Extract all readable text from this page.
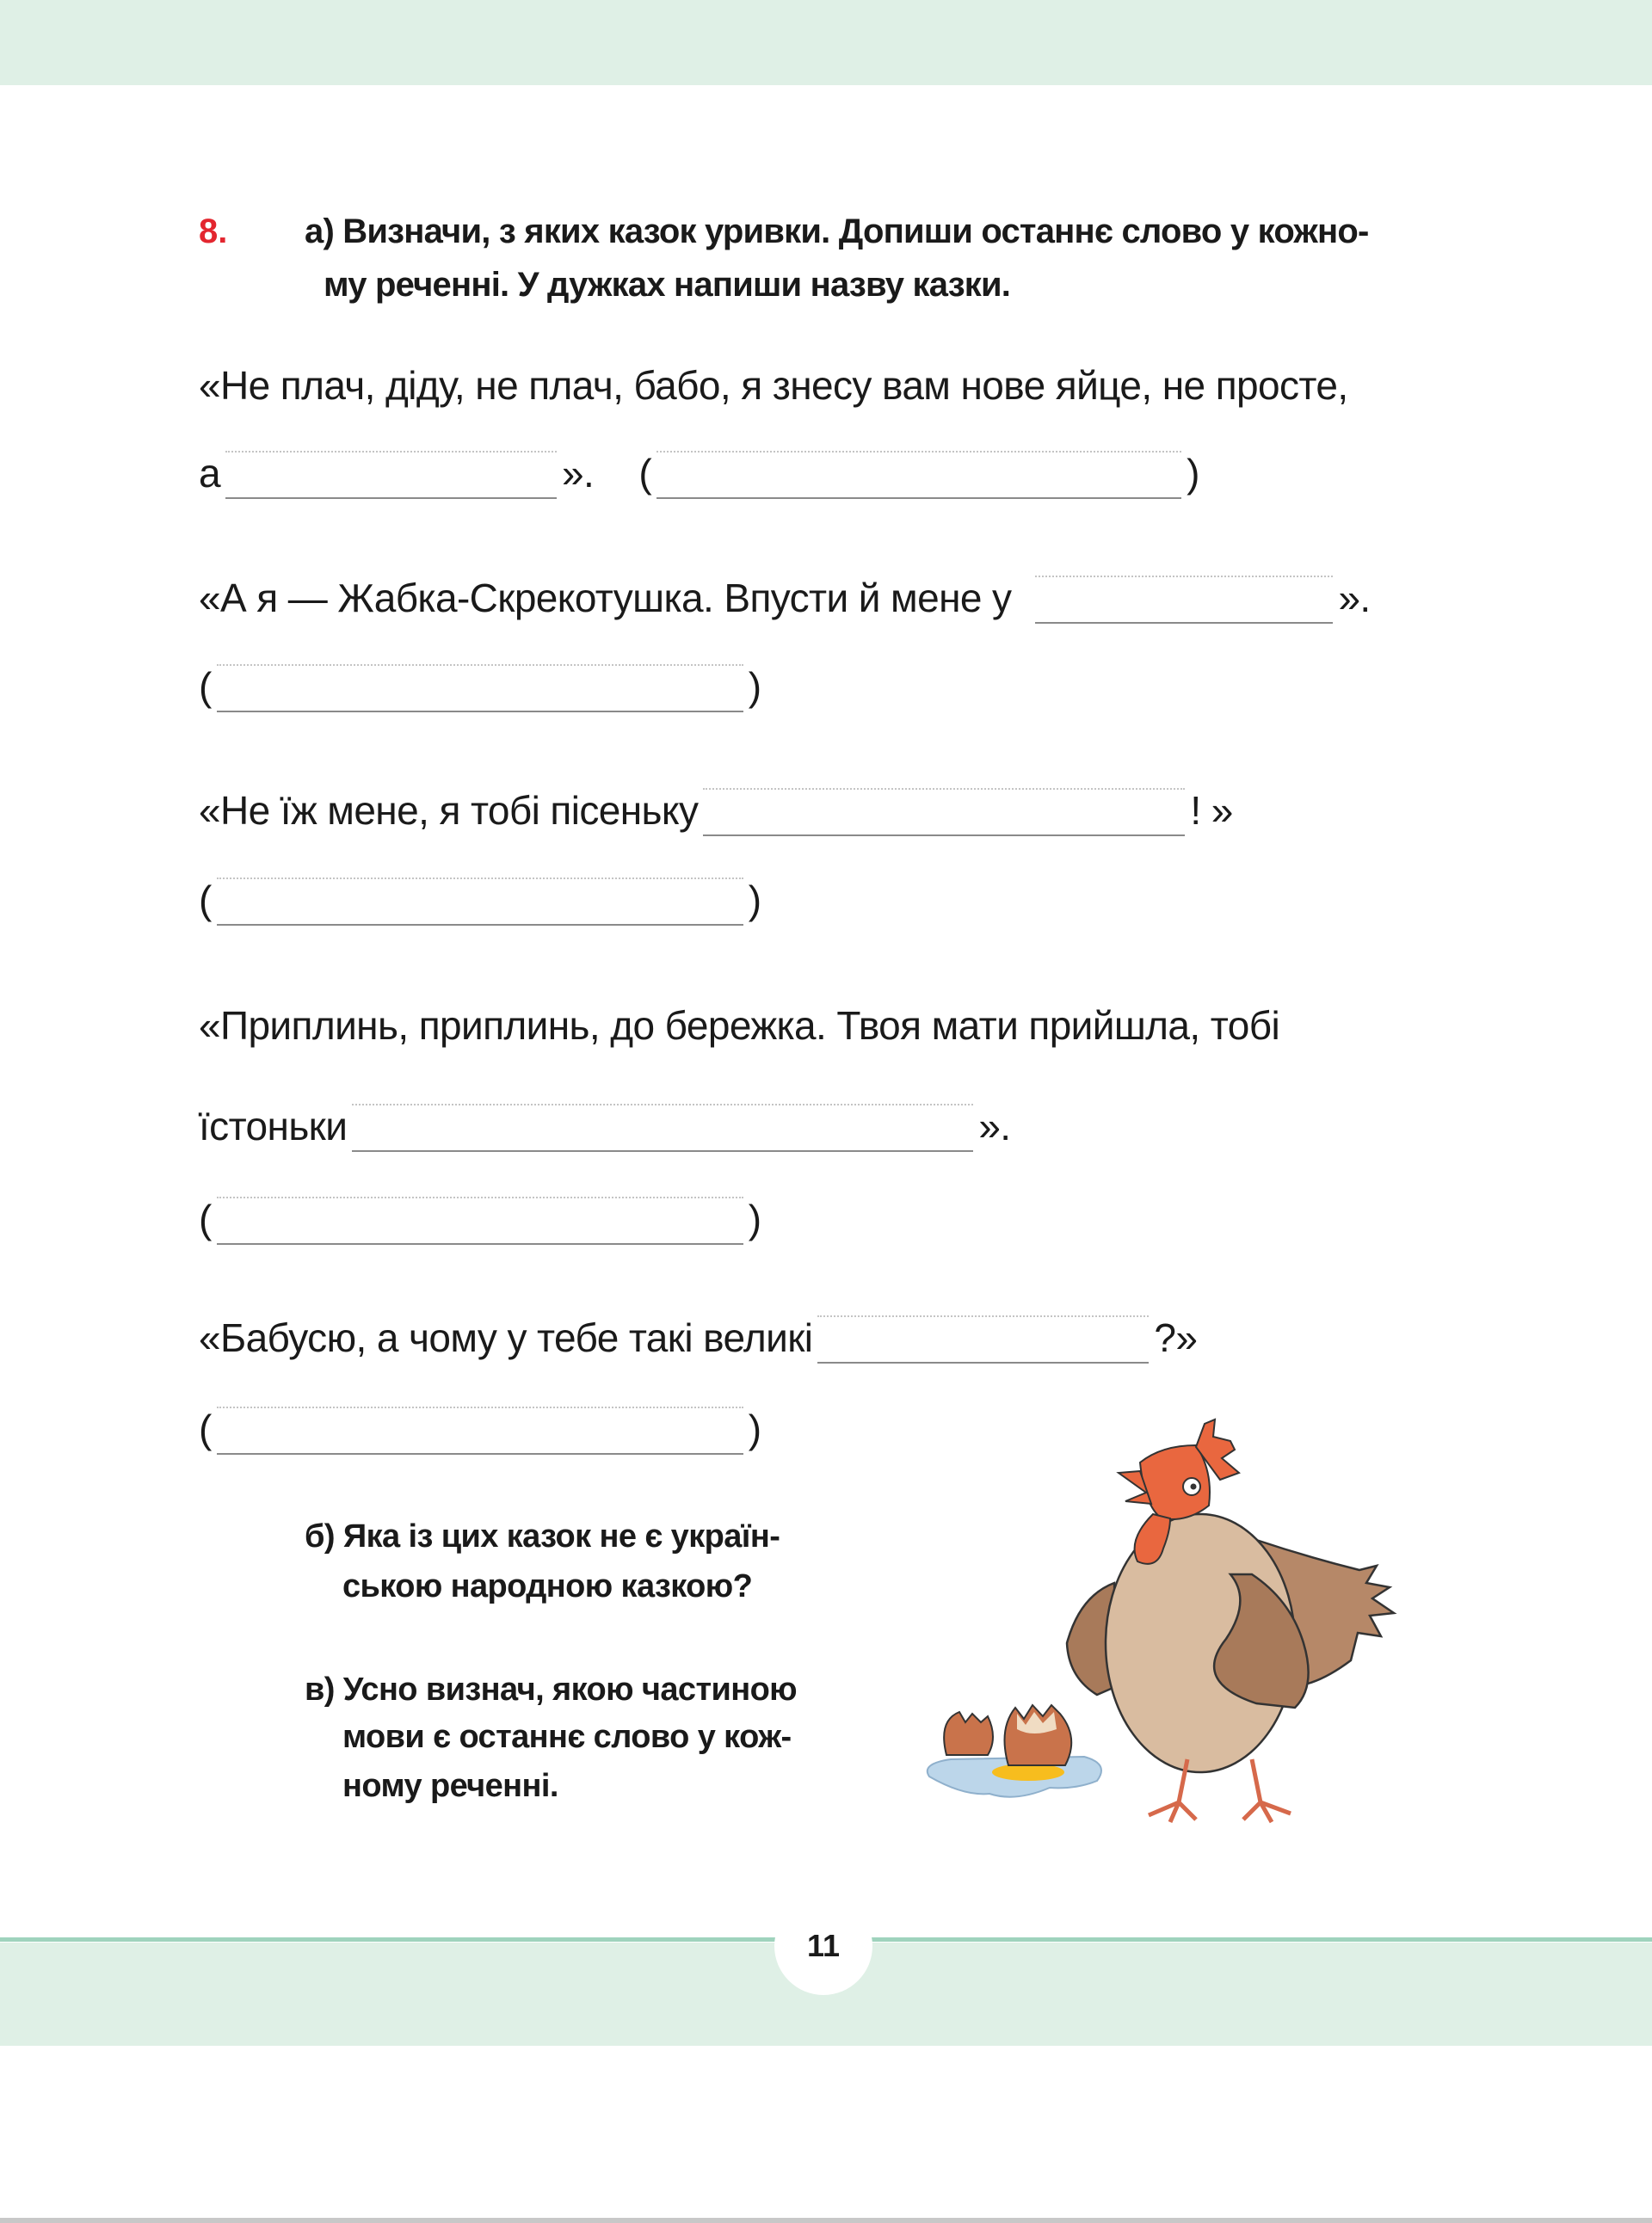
8. а) Визначи, з яких казок уривки. Допиши останнє слово у кожно-
му реченні. У дужках напиши назву казки.
«Не плач, діду, не плач, бабо, я знесу вам нове яйце, не просте,
а	». (	)
«А я — Жабка-Скрекотушка. Впусти й мене у	».
(	)
«Не їж мене, я тобі пісеньку	! »
(	)
«Приплинь, приплинь, до бережка. Твоя мати прийшла, тобі
їстоньки	».
(	)
«Бабусю, а чому у тебе такі великі	?»
(	)
б) Яка із цих казок не є україн-
ською народною казкою?
в) Усно визнач, якою частиною
мови є останнє слово у кож-
ному реченні.
11
